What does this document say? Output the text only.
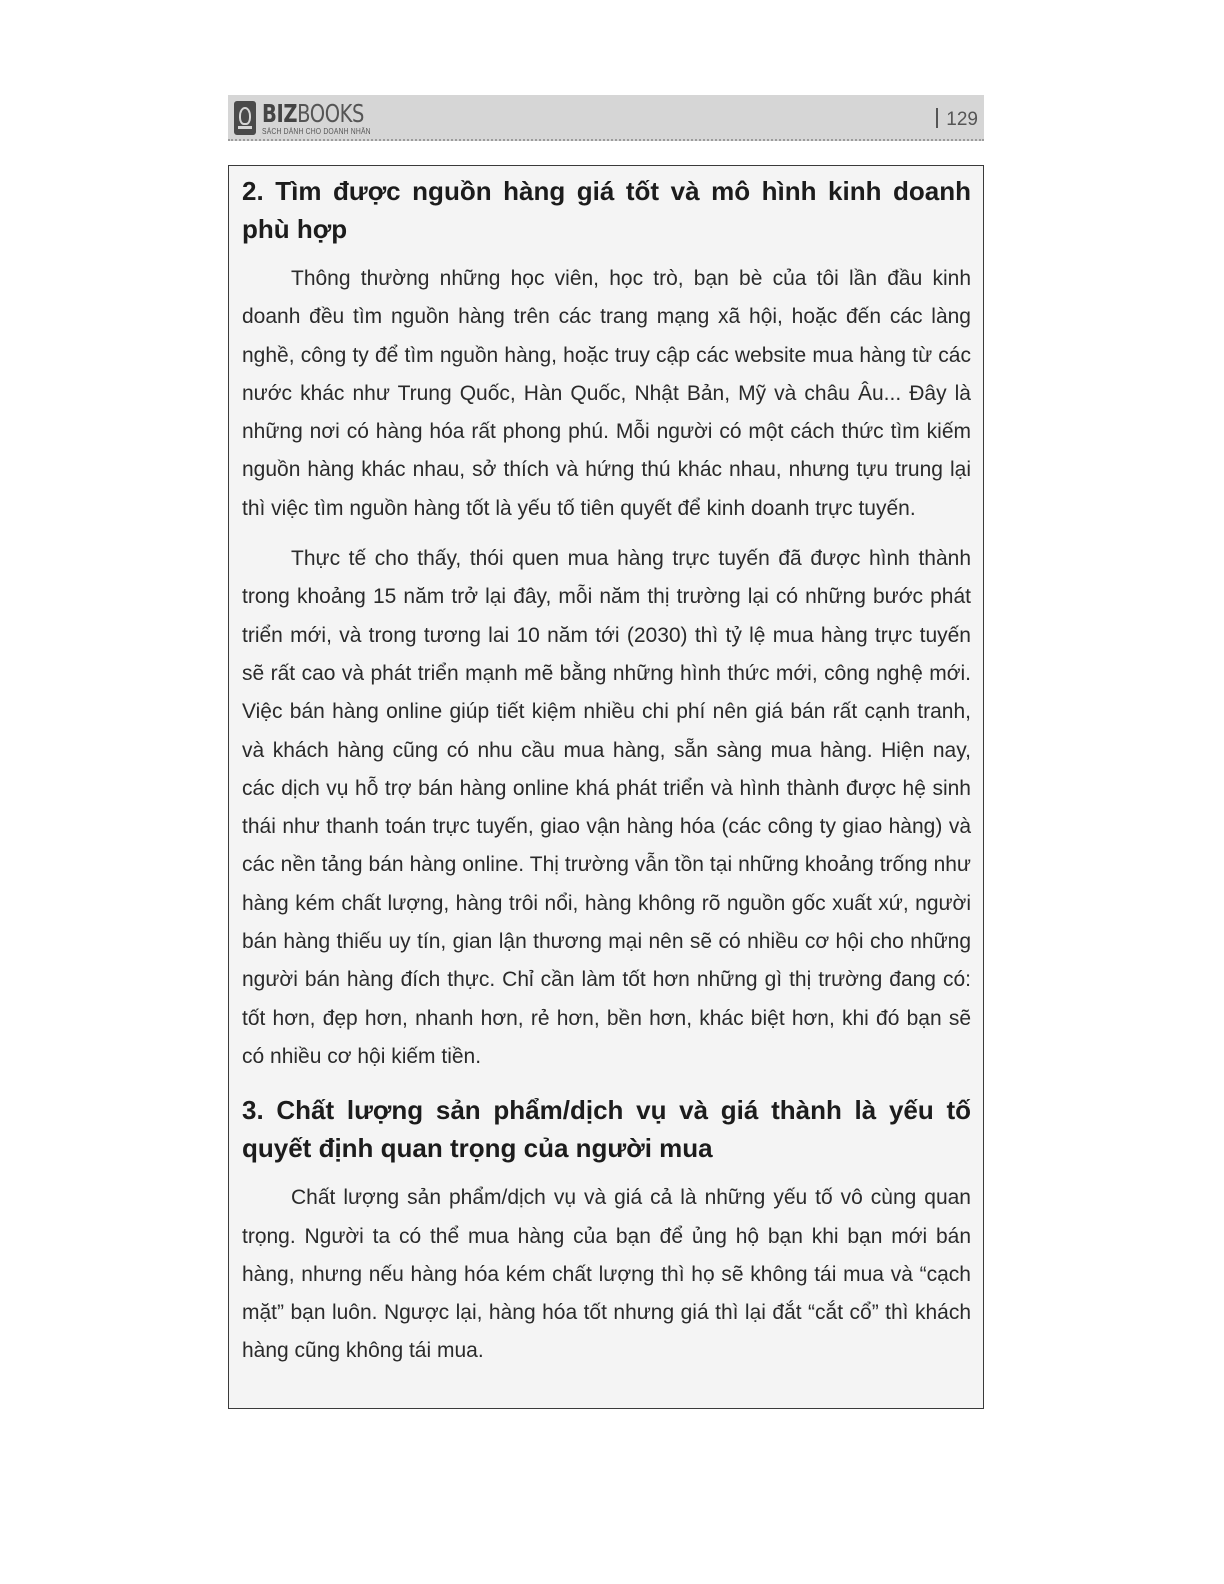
BIZBOOKS
SÁCH DÀNH CHO DOANH NHÂN
129
2. Tìm được nguồn hàng giá tốt và mô hình kinh doanh phù hợp

Thông thường những học viên, học trò, bạn bè của tôi lần đầu kinh doanh đều tìm nguồn hàng trên các trang mạng xã hội, hoặc đến các làng nghề, công ty để tìm nguồn hàng, hoặc truy cập các website mua hàng từ các nước khác như Trung Quốc, Hàn Quốc, Nhật Bản, Mỹ và châu Âu... Đây là những nơi có hàng hóa rất phong phú. Mỗi người có một cách thức tìm kiếm nguồn hàng khác nhau, sở thích và hứng thú khác nhau, nhưng tựu trung lại thì việc tìm nguồn hàng tốt là yếu tố tiên quyết để kinh doanh trực tuyến.

Thực tế cho thấy, thói quen mua hàng trực tuyến đã được hình thành trong khoảng 15 năm trở lại đây, mỗi năm thị trường lại có những bước phát triển mới, và trong tương lai 10 năm tới (2030) thì tỷ lệ mua hàng trực tuyến sẽ rất cao và phát triển mạnh mẽ bằng những hình thức mới, công nghệ mới. Việc bán hàng online giúp tiết kiệm nhiều chi phí nên giá bán rất cạnh tranh, và khách hàng cũng có nhu cầu mua hàng, sẵn sàng mua hàng. Hiện nay, các dịch vụ hỗ trợ bán hàng online khá phát triển và hình thành được hệ sinh thái như thanh toán trực tuyến, giao vận hàng hóa (các công ty giao hàng) và các nền tảng bán hàng online. Thị trường vẫn tồn tại những khoảng trống như hàng kém chất lượng, hàng trôi nổi, hàng không rõ nguồn gốc xuất xứ, người bán hàng thiếu uy tín, gian lận thương mại nên sẽ có nhiều cơ hội cho những người bán hàng đích thực. Chỉ cần làm tốt hơn những gì thị trường đang có: tốt hơn, đẹp hơn, nhanh hơn, rẻ hơn, bền hơn, khác biệt hơn, khi đó bạn sẽ có nhiều cơ hội kiếm tiền.

3. Chất lượng sản phẩm/dịch vụ và giá thành là yếu tố quyết định quan trọng của người mua

Chất lượng sản phẩm/dịch vụ và giá cả là những yếu tố vô cùng quan trọng. Người ta có thể mua hàng của bạn để ủng hộ bạn khi bạn mới bán hàng, nhưng nếu hàng hóa kém chất lượng thì họ sẽ không tái mua và “cạch mặt” bạn luôn. Ngược lại, hàng hóa tốt nhưng giá thì lại đắt “cắt cổ” thì khách hàng cũng không tái mua.
